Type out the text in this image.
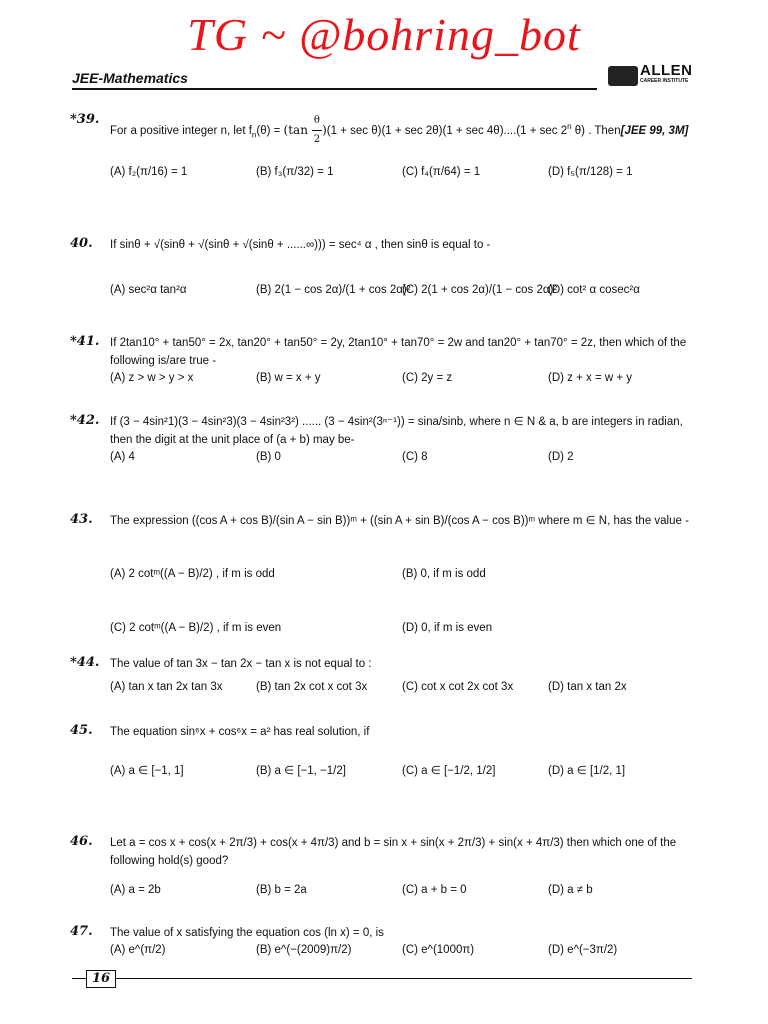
TG ~ @bohring_bot
JEE-Mathematics	ALLEN
CAREER INSTITUTE
*39.
For a positive integer n, let $f_n(\theta) = (\tan \frac{\theta}{2} )(1 + \sec \theta)(1 + \sec 2\theta)(1 + \sec 4\theta)....(1 + \sec 2^n$ θ) . Then[JEE 99, 3M]
(A) f₂(π/16) = 1	(B) f₃(π/32) = 1	(C) f₄(π/64) = 1	(D) f₅(π/128) = 1
40. If sinθ + √(sinθ + √(sinθ + √(sinθ + ......∞))) = sec⁴ α , then sinθ is equal to -
(A) sec²α tan²α	(B) 2(1 − cos 2α)/(1 + cos 2α)²
(C) 2(1 + cos 2α)/(1 − cos 2α)²
(D) cot² α cosec²α
*41. If 2tan10° + tan50° = 2x, tan20° + tan50° = 2y, 2tan10° + tan70° = 2w and tan20° + tan70° = 2z, then which of the following is/are true -
(A) z > w > y > x	(B) w = x + y	(C) 2y = z	(D) z + x = w + y
*42. If (3 − 4sin²1)(3 − 4sin²3)(3 − 4sin²3²) ...... (3 − 4sin²(3ⁿ⁻¹)) = sina/sinb, where n ∈ N & a, b are integers in radian, then the digit at the unit place of (a + b) may be-
(A) 4	(B) 0	(C) 8	(D) 2
43. The expression ((cos A + cos B)/(sin A − sin B))ᵐ + ((sin A + sin B)/(cos A − cos B))ᵐ where m ∈ N, has the value -
(A) 2 cotᵐ((A − B)/2) , if m is odd	(B) 0, if m is odd
(C) 2 cotᵐ((A − B)/2) , if m is even	(D) 0, if m is even
*44. The value of tan 3x − tan 2x − tan x is not equal to :
(A) tan x tan 2x tan 3x	(B) tan 2x cot x cot 3x	(C) cot x cot 2x cot 3x	(D) tan x tan 2x
45. The equation sin⁶x + cos⁶x = a² has real solution, if
(A) a ∈ [−1, 1]	(B) a ∈ [−1, −1/2]	(C) a ∈ [−1/2, 1/2]	(D) a ∈ [1/2, 1]
46. Let a = cos x + cos(x + 2π/3) + cos(x + 4π/3) and b = sin x + sin(x + 2π/3) + sin(x + 4π/3) then which one of the following hold(s) good?
(A) a = 2b	(B) b = 2a	(C) a + b = 0	(D) a ≠ b
47. The value of x satisfying the equation cos (ln x) = 0, is
(A) e^(π/2)	(B) e^(−(2009)π/2)	(C) e^(1000π)	(D) e^(−3π/2)
16
